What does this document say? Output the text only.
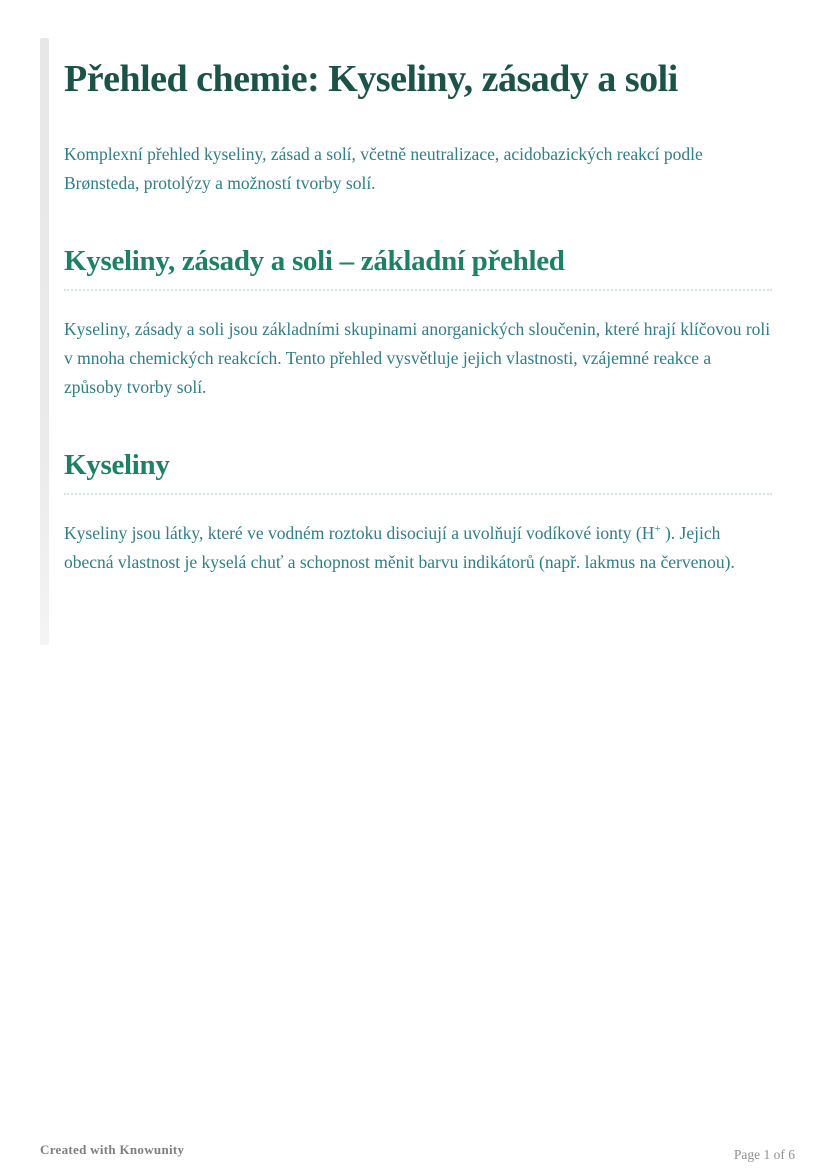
Přehled chemie: Kyseliny, zásady a soli

Komplexní přehled kyseliny, zásad a solí, včetně neutralizace, acidobazických reakcí podle Brønsteda, protolýzy a možností tvorby solí.

Kyseliny, zásady a soli – základní přehled

Kyseliny, zásady a soli jsou základními skupinami anorganických sloučenin, které hrají klíčovou roli v mnoha chemických reakcích. Tento přehled vysvětluje jejich vlastnosti, vzájemné reakce a způsoby tvorby solí.

Kyseliny

Kyseliny jsou látky, které ve vodném roztoku disociují a uvolňují vodíkové ionty (H+ ). Jejich obecná vlastnost je kyselá chuť a schopnost měnit barvu indikátorů (např. lakmus na červenou).

Created with Knowunity	Page 1 of 6
